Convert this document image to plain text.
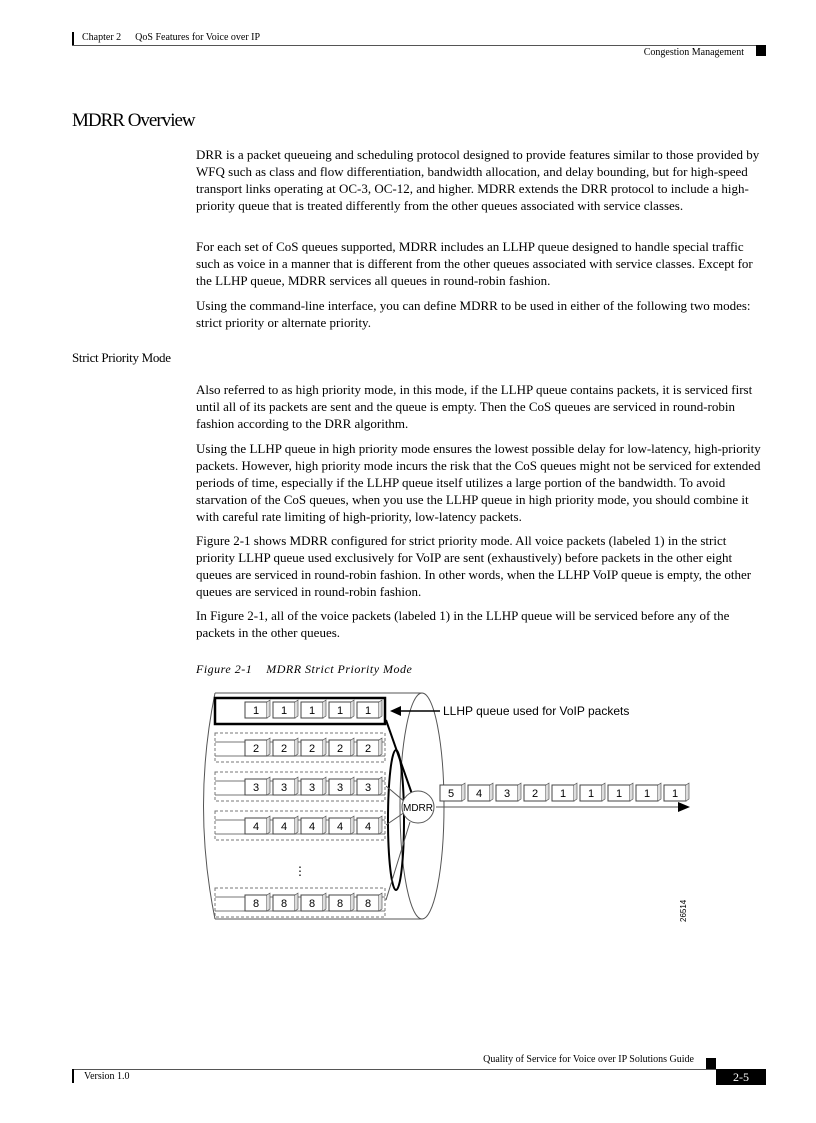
Chapter 2 QoS Features for Voice over IP
Congestion Management
MDRR Overview

DRR is a packet queueing and scheduling protocol designed to provide features similar to those provided by WFQ such as class and flow differentiation, bandwidth allocation, and delay bounding, but for high-speed transport links operating at OC-3, OC-12, and higher. MDRR extends the DRR protocol to include a high-priority queue that is treated differently from the other queues associated with service classes.

For each set of CoS queues supported, MDRR includes an LLHP queue designed to handle special traffic such as voice in a manner that is different from the other queues associated with service classes. Except for the LLHP queue, MDRR services all queues in round-robin fashion.

Using the command-line interface, you can define MDRR to be used in either of the following two modes: strict priority or alternate priority.

Strict Priority Mode

Also referred to as high priority mode, in this mode, if the LLHP queue contains packets, it is serviced first until all of its packets are sent and the queue is empty. Then the CoS queues are serviced in round-robin fashion according to the DRR algorithm.

Using the LLHP queue in high priority mode ensures the lowest possible delay for low-latency, high-priority packets. However, high priority mode incurs the risk that the CoS queues might not be serviced for extended periods of time, especially if the LLHP queue itself utilizes a large portion of the bandwidth. To avoid starvation of the CoS queues, when you use the LLHP queue in high priority mode, you should combine it with careful rate limiting of high-priority, low-latency packets.

Figure 2-1 shows MDRR configured for strict priority mode. All voice packets (labeled 1) in the strict priority LLHP queue used exclusively for VoIP are sent (exhaustively) before packets in the other eight queues are serviced in round-robin fashion. In other words, when the LLHP VoIP queue is empty, the other queues are serviced in round-robin fashion.

In Figure 2-1, all of the voice packets (labeled 1) in the LLHP queue will be serviced before any of the packets in the other queues.

Figure 2-1 MDRR Strict Priority Mode
1 1 1 1 1
2 2 2 2 2
3 3 3 3 3
4 4 4 4 4
8 8 8 8 8
MDRR
5 4 3 2 1 1 1 1 1
LLHP queue used for VoIP packets
⋮
26514
Quality of Service for Voice over IP Solutions Guide
Version 1.0	2-5
